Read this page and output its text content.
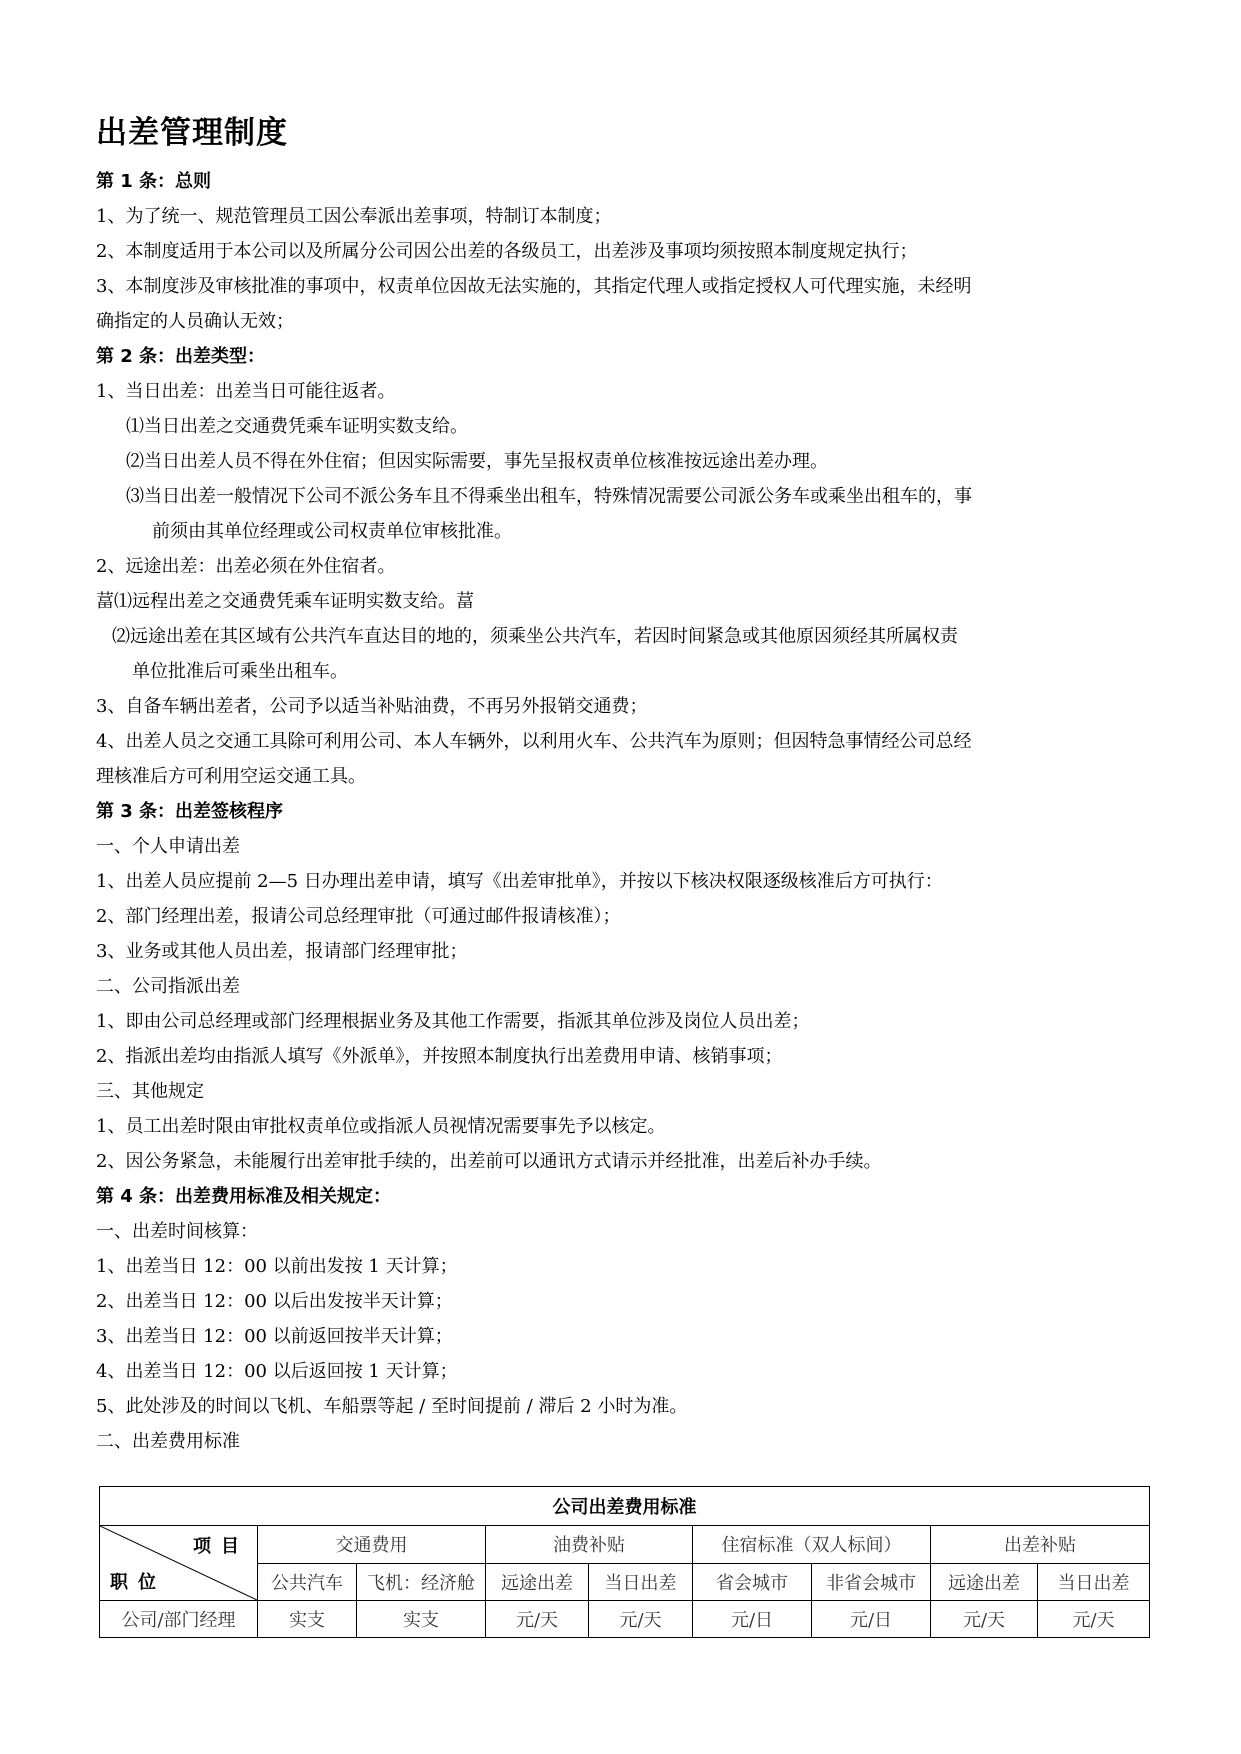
出差管理制度
第 1 条：总则
1、为了统一、规范管理员工因公奉派出差事项，特制订本制度；
2、本制度适用于本公司以及所属分公司因公出差的各级员工，出差涉及事项均须按照本制度规定执行；
3、本制度涉及审核批准的事项中，权责单位因故无法实施的，其指定代理人或指定授权人可代理实施，未经明
确指定的人员确认无效；
第 2 条：出差类型：
1、当日出差：出差当日可能往返者。
⑴当日出差之交通费凭乘车证明实数支给。
⑵当日出差人员不得在外住宿；但因实际需要，事先呈报权责单位核准按远途出差办理。
⑶当日出差一般情况下公司不派公务车且不得乘坐出租车，特殊情况需要公司派公务车或乘坐出租车的，事
前须由其单位经理或公司权责单位审核批准。
2、远途出差：出差必须在外住宿者。
葍⑴远程出差之交通费凭乘车证明实数支给。葍
⑵远途出差在其区域有公共汽车直达目的地的，须乘坐公共汽车，若因时间紧急或其他原因须经其所属权责
单位批准后可乘坐出租车。
3、自备车辆出差者，公司予以适当补贴油费，不再另外报销交通费；
4、出差人员之交通工具除可利用公司、本人车辆外，以利用火车、公共汽车为原则；但因特急事情经公司总经
理核准后方可利用空运交通工具。
第 3 条：出差签核程序
一、个人申请出差
1、出差人员应提前 2—5 日办理出差申请，填写《出差审批单》，并按以下核决权限逐级核准后方可执行：
2、部门经理出差，报请公司总经理审批（可通过邮件报请核准）；
3、业务或其他人员出差，报请部门经理审批；
二、公司指派出差
1、即由公司总经理或部门经理根据业务及其他工作需要，指派其单位涉及岗位人员出差；
2、指派出差均由指派人填写《外派单》，并按照本制度执行出差费用申请、核销事项；
三、其他规定
1、员工出差时限由审批权责单位或指派人员视情况需要事先予以核定。
2、因公务紧急，未能履行出差审批手续的，出差前可以通讯方式请示并经批准，出差后补办手续。
第 4 条：出差费用标准及相关规定：
一、出差时间核算：
1、出差当日 12：00 以前出发按 1 天计算；
2、出差当日 12：00 以后出发按半天计算；
3、出差当日 12：00 以前返回按半天计算；
4、出差当日 12：00 以后返回按 1 天计算；
5、此处涉及的时间以飞机、车船票等起 / 至时间提前 / 滞后 2 小时为准。
二、出差费用标准
公司出差费用标准								

项目
职位	交通费用		油费补贴		住宿标准（双人标间）		出差补贴	
	公共汽车	飞机：经济舱	远途出差	当日出差	省会城市	非省会城市	远途出差	当日出差
公司/部门经理	实支	实支	元/天	元/天	元/日	元/日	元/天	元/天
